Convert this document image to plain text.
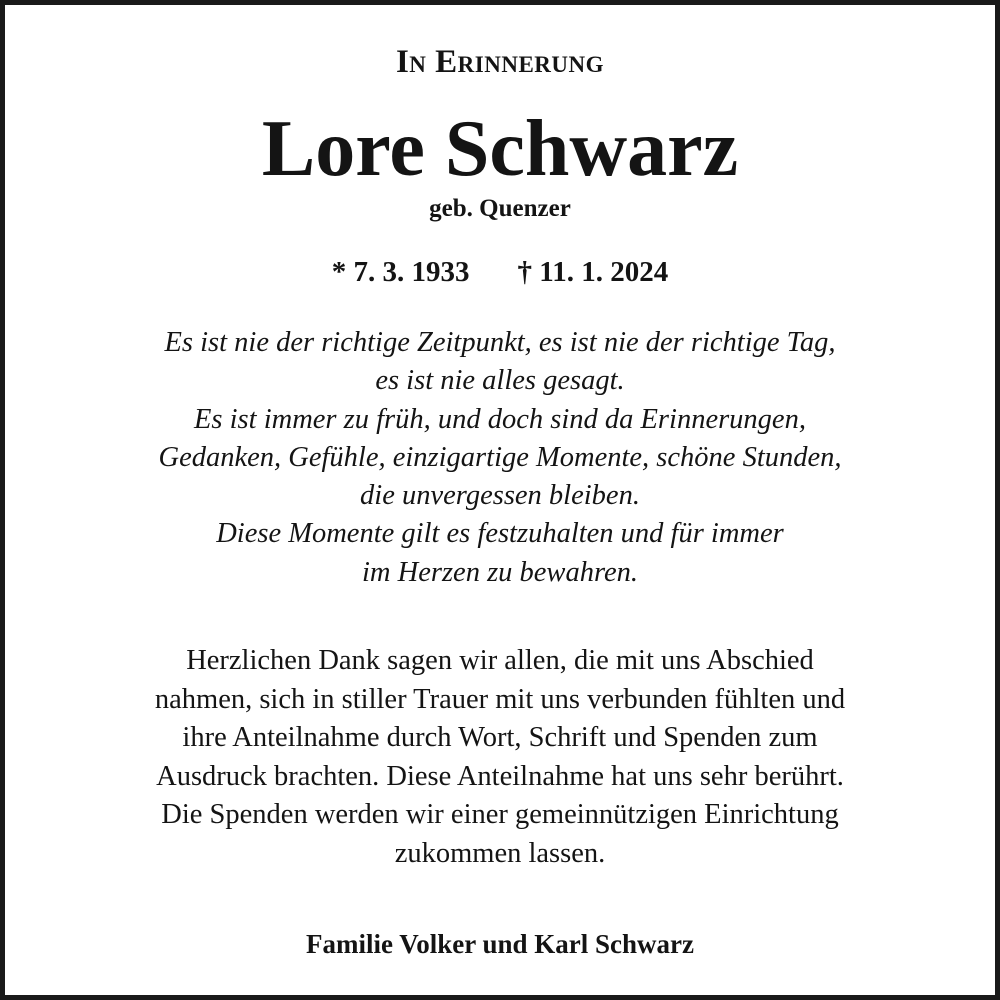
In Erinnerung
Lore Schwarz
geb. Quenzer
* 7. 3. 1933 † 11. 1. 2024
Es ist nie der richtige Zeitpunkt, es ist nie der richtige Tag,
es ist nie alles gesagt.
Es ist immer zu früh, und doch sind da Erinnerungen,
Gedanken, Gefühle, einzigartige Momente, schöne Stunden,
die unvergessen bleiben.
Diese Momente gilt es festzuhalten und für immer
im Herzen zu bewahren.
Herzlichen Dank sagen wir allen, die mit uns Abschied
nahmen, sich in stiller Trauer mit uns verbunden fühlten und
ihre Anteilnahme durch Wort, Schrift und Spenden zum
Ausdruck brachten. Diese Anteilnahme hat uns sehr berührt.
Die Spenden werden wir einer gemeinnützigen Einrichtung
zukommen lassen.
Familie Volker und Karl Schwarz
